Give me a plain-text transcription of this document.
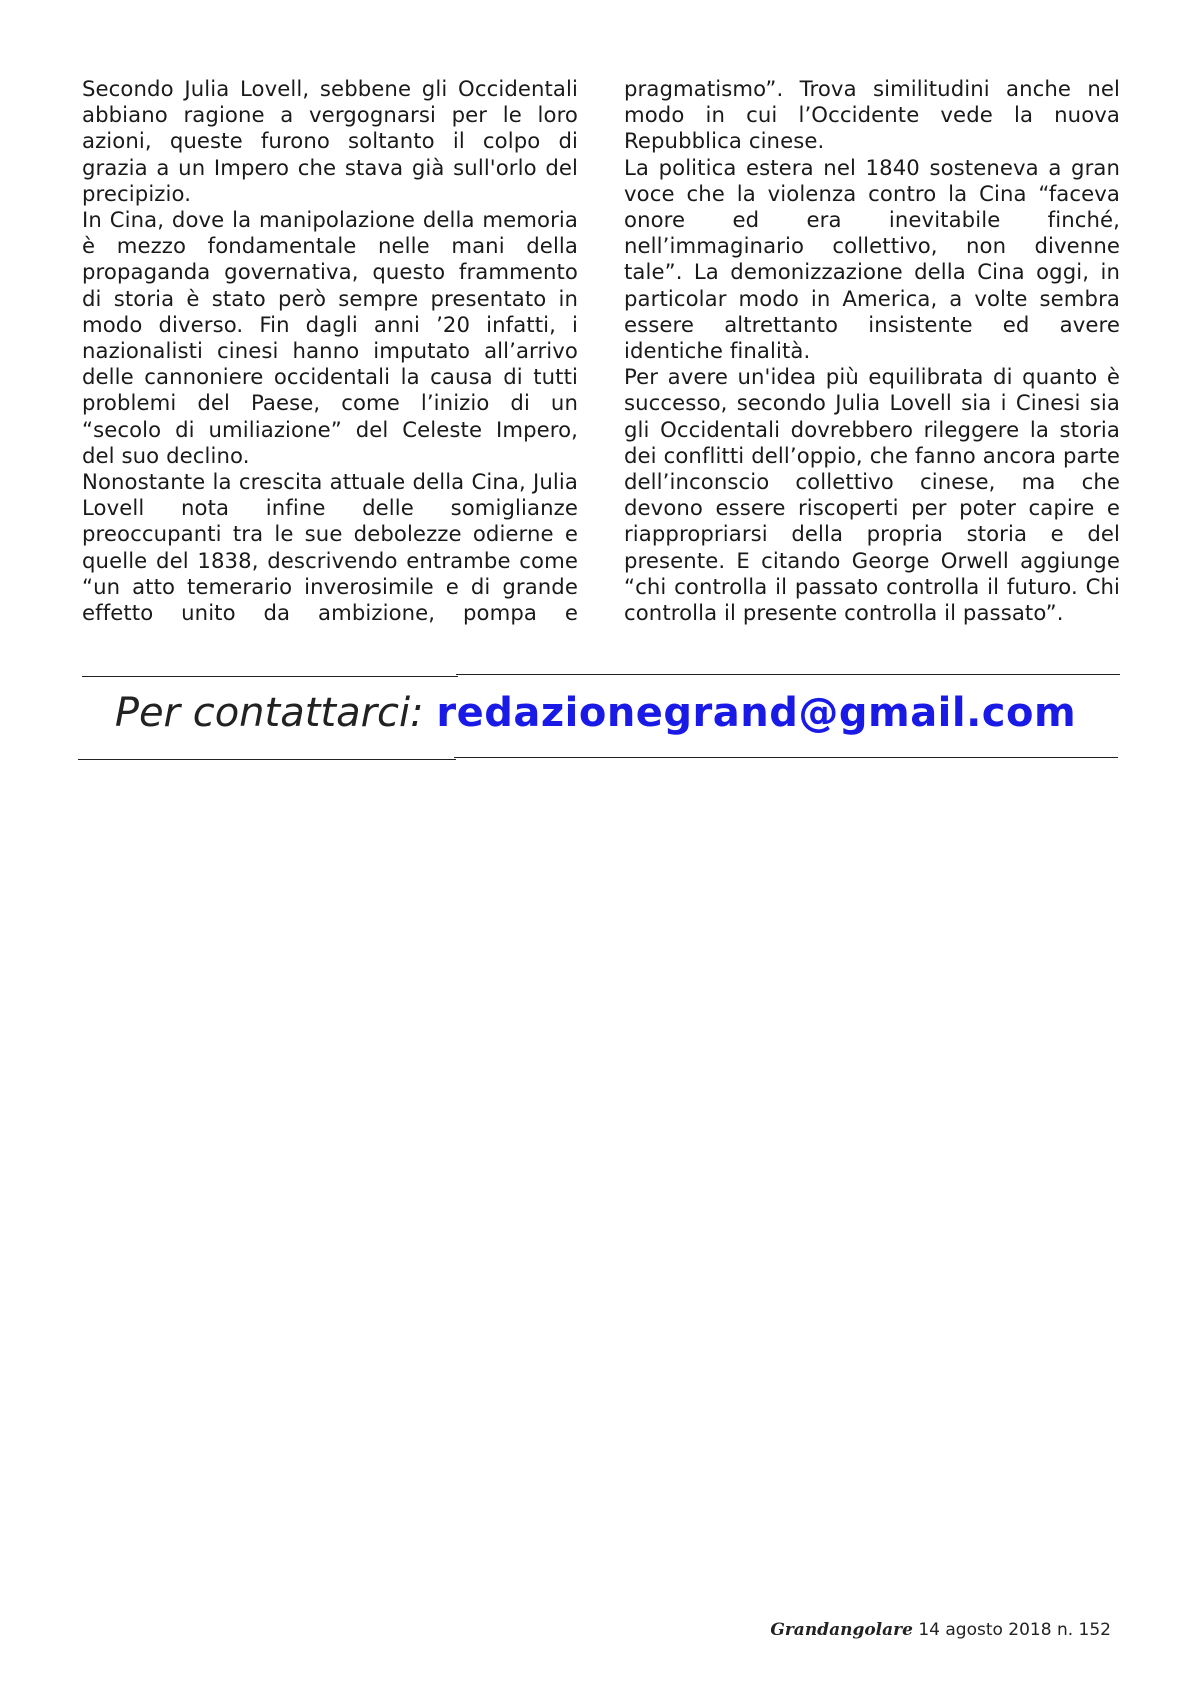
Secondo Julia Lovell, sebbene gli Occidentali abbiano ragione a vergognarsi per le loro azioni, queste furono soltanto il colpo di grazia a un Impero che stava già sull'orlo del precipizio.

In Cina, dove la manipolazione della memoria è mezzo fondamentale nelle mani della propaganda governativa, questo frammento di storia è stato però sempre presentato in modo diverso. Fin dagli anni ’20 infatti, i nazionalisti cinesi hanno imputato all’arrivo delle cannoniere occidentali la causa di tutti problemi del Paese, come l’inizio di un “secolo di umiliazione” del Celeste Impero, del suo declino.

Nonostante la crescita attuale della Cina, Julia Lovell nota infine delle somiglianze preoccupanti tra le sue debolezze odierne e quelle del 1838, descrivendo entrambe come “un atto temerario inverosimile e di grande effetto unito da ambizione, pompa e

pragmatismo”. Trova similitudini anche nel modo in cui l’Occidente vede la nuova Repubblica cinese.

La politica estera nel 1840 sosteneva a gran voce che la violenza contro la Cina “faceva onore ed era inevitabile finché, nell’immaginario collettivo, non divenne tale”. La demonizzazione della Cina oggi, in particolar modo in America, a volte sembra essere altrettanto insistente ed avere identiche finalità.

Per avere un'idea più equilibrata di quanto è successo, secondo Julia Lovell sia i Cinesi sia gli Occidentali dovrebbero rileggere la storia dei conflitti dell’oppio, che fanno ancora parte dell’inconscio collettivo cinese, ma che devono essere riscoperti per poter capire e riappropriarsi della propria storia e del presente. E citando George Orwell aggiunge “chi controlla il passato controlla il futuro. Chi controlla il presente controlla il passato”.

Per contattarci: redazionegrand@gmail.com
Grandangolare 14 agosto 2018 n. 152
